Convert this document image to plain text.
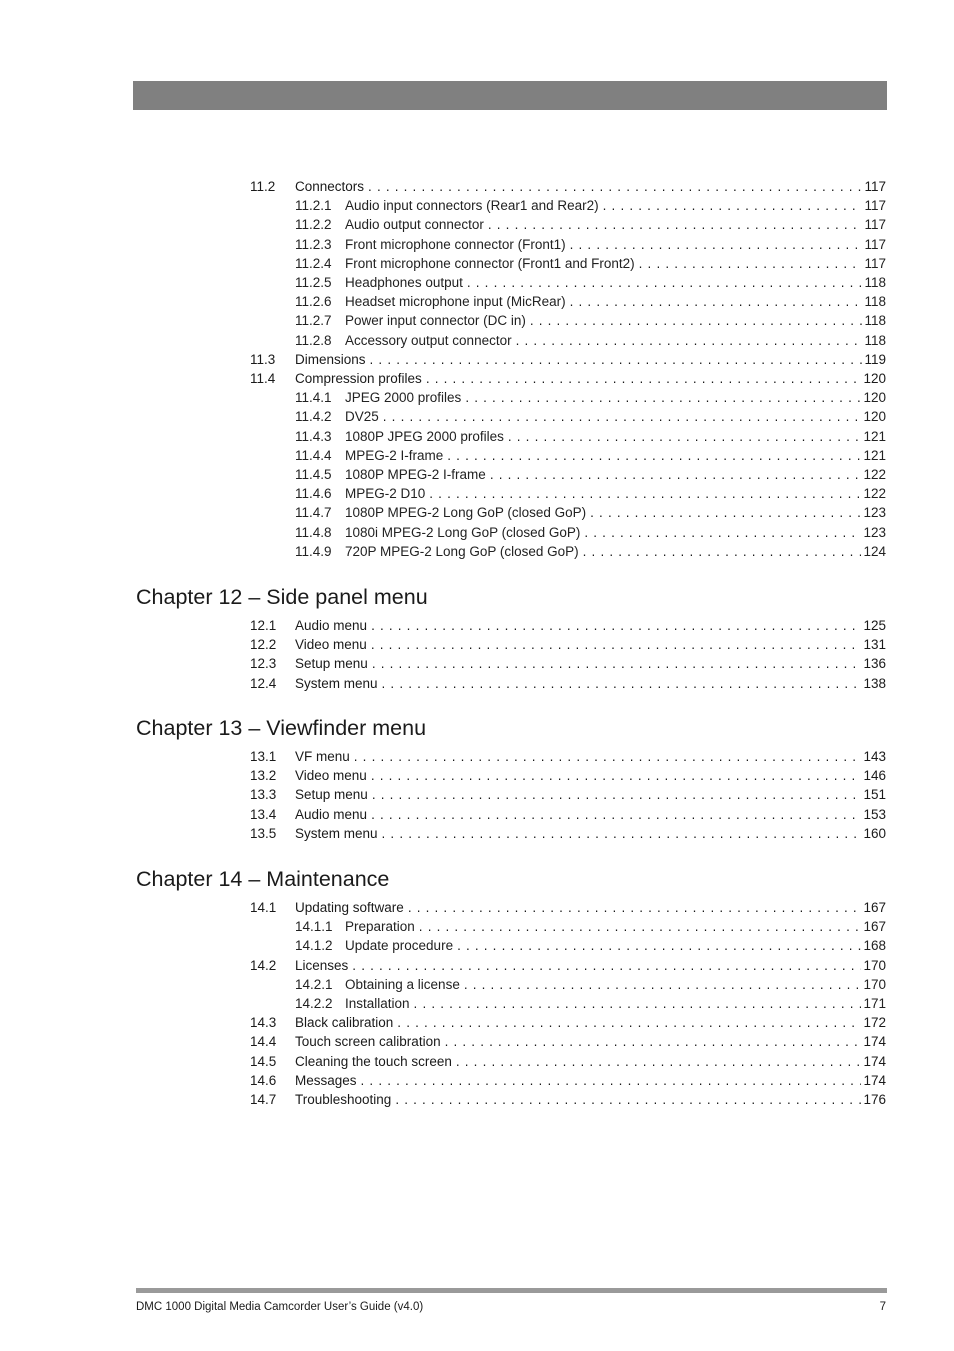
11.2	Connectors . . .	117
11.2.1 Audio input connectors (Rear1 and Rear2) . . .	117
11.2.2 Audio output connector . . .	117
11.2.3 Front microphone connector (Front1) . . .	117
11.2.4 Front microphone connector (Front1 and Front2) . . .	117
11.2.5 Headphones output . . .	118
11.2.6 Headset microphone input (MicRear) . . .	118
11.2.7 Power input connector (DC in) . . .	118
11.2.8 Accessory output connector . . .	118
11.3	Dimensions . . .	119
11.4	Compression profiles . . .	120
11.4.1 JPEG 2000 profiles . . .	120
11.4.2 DV25 . . .	120
11.4.3 1080P JPEG 2000 profiles . . .	121
11.4.4 MPEG-2 I-frame . . .	121
11.4.5 1080P MPEG-2 I-frame . . .	122
11.4.6 MPEG-2 D10 . . .	122
11.4.7 1080P MPEG-2 Long GoP (closed GoP) . . .	123
11.4.8 1080i MPEG-2 Long GoP (closed GoP) . . .	123
11.4.9 720P MPEG-2 Long GoP (closed GoP) . . .	124
Chapter 12 – Side panel menu
12.1	Audio menu . . .	125
12.2	Video menu . . .	131
12.3	Setup menu . . .	136
12.4	System menu . . .	138
Chapter 13 – Viewfinder menu
13.1	VF menu . . .	143
13.2	Video menu . . .	146
13.3	Setup menu . . .	151
13.4	Audio menu . . .	153
13.5	System menu . . .	160
Chapter 14 – Maintenance
14.1	Updating software . . .	167
14.1.1 Preparation . . .	167
14.1.2 Update procedure . . .	168
14.2	Licenses . . .	170
14.2.1 Obtaining a license . . .	170
14.2.2 Installation . . .	171
14.3	Black calibration . . .	172
14.4	Touch screen calibration . . .	174
14.5	Cleaning the touch screen . . .	174
14.6	Messages . . .	174
14.7	Troubleshooting . . .	176
DMC 1000 Digital Media Camcorder User’s Guide (v4.0)	7
